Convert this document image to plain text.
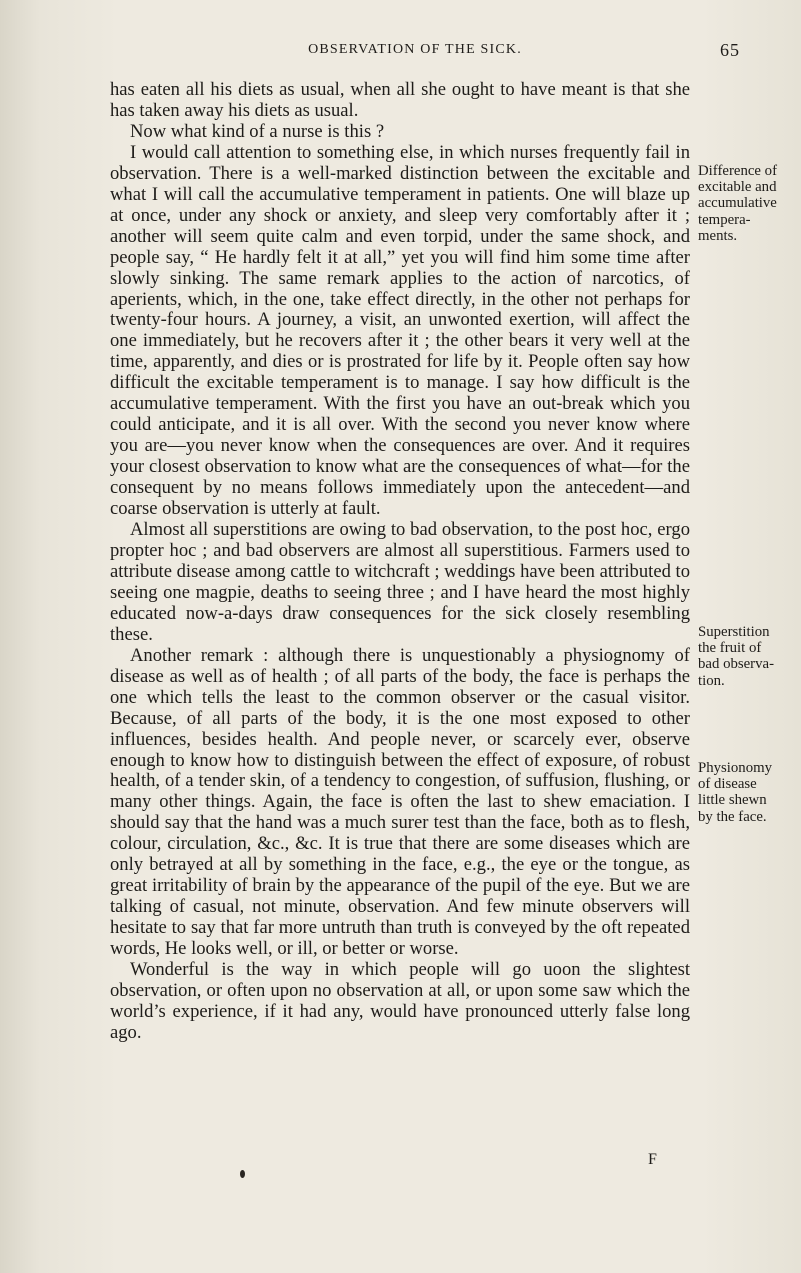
OBSERVATION OF THE SICK.	65

has eaten all his diets as usual, when all she ought to have meant is that she has taken away his diets as usual.

Now what kind of a nurse is this ?

I would call attention to something else, in which nurses frequently fail in observation. There is a well-marked distinction between the excitable and what I will call the accumulative temperament in patients. One will blaze up at once, under any shock or anxiety, and sleep very comfortably after it ; another will seem quite calm and even torpid, under the same shock, and people say, “ He hardly felt it at all,” yet you will find him some time after slowly sinking. The same remark applies to the action of narcotics, of aperients, which, in the one, take effect directly, in the other not perhaps for twenty-four hours. A journey, a visit, an unwonted exertion, will affect the one immediately, but he recovers after it ; the other bears it very well at the time, apparently, and dies or is prostrated for life by it. People often say how difficult the excitable temperament is to manage. I say how difficult is the accumulative temperament. With the first you have an out-break which you could anticipate, and it is all over. With the second you never know where you are—you never know when the consequences are over. And it requires your closest observation to know what are the consequences of what—for the consequent by no means follows immediately upon the antecedent—and coarse observation is utterly at fault.

Almost all superstitions are owing to bad observation, to the post hoc, ergo propter hoc ; and bad observers are almost all superstitious. Farmers used to attribute disease among cattle to witchcraft ; weddings have been attributed to seeing one magpie, deaths to seeing three ; and I have heard the most highly educated now-a-days draw consequences for the sick closely resembling these.

Another remark : although there is unquestionably a physiognomy of disease as well as of health ; of all parts of the body, the face is perhaps the one which tells the least to the common observer or the casual visitor. Because, of all parts of the body, it is the one most exposed to other influences, besides health. And people never, or scarcely ever, observe enough to know how to distinguish between the effect of exposure, of robust health, of a tender skin, of a tendency to congestion, of suffusion, flushing, or many other things. Again, the face is often the last to shew emaciation. I should say that the hand was a much surer test than the face, both as to flesh, colour, circulation, &c., &c. It is true that there are some diseases which are only betrayed at all by something in the face, e.g., the eye or the tongue, as great irritability of brain by the appearance of the pupil of the eye. But we are talking of casual, not minute, observation. And few minute observers will hesitate to say that far more untruth than truth is conveyed by the oft repeated words, He looks well, or ill, or better or worse.

Wonderful is the way in which people will go uoon the slightest observation, or often upon no observation at all, or upon some saw which the world’s experience, if it had any, would have pronounced utterly false long ago.

Difference of
excitable and
accumulative
tempera-
ments.
Superstition
the fruit of
bad observa-
tion.
Physionomy
of disease
little shewn
by the face.
F
